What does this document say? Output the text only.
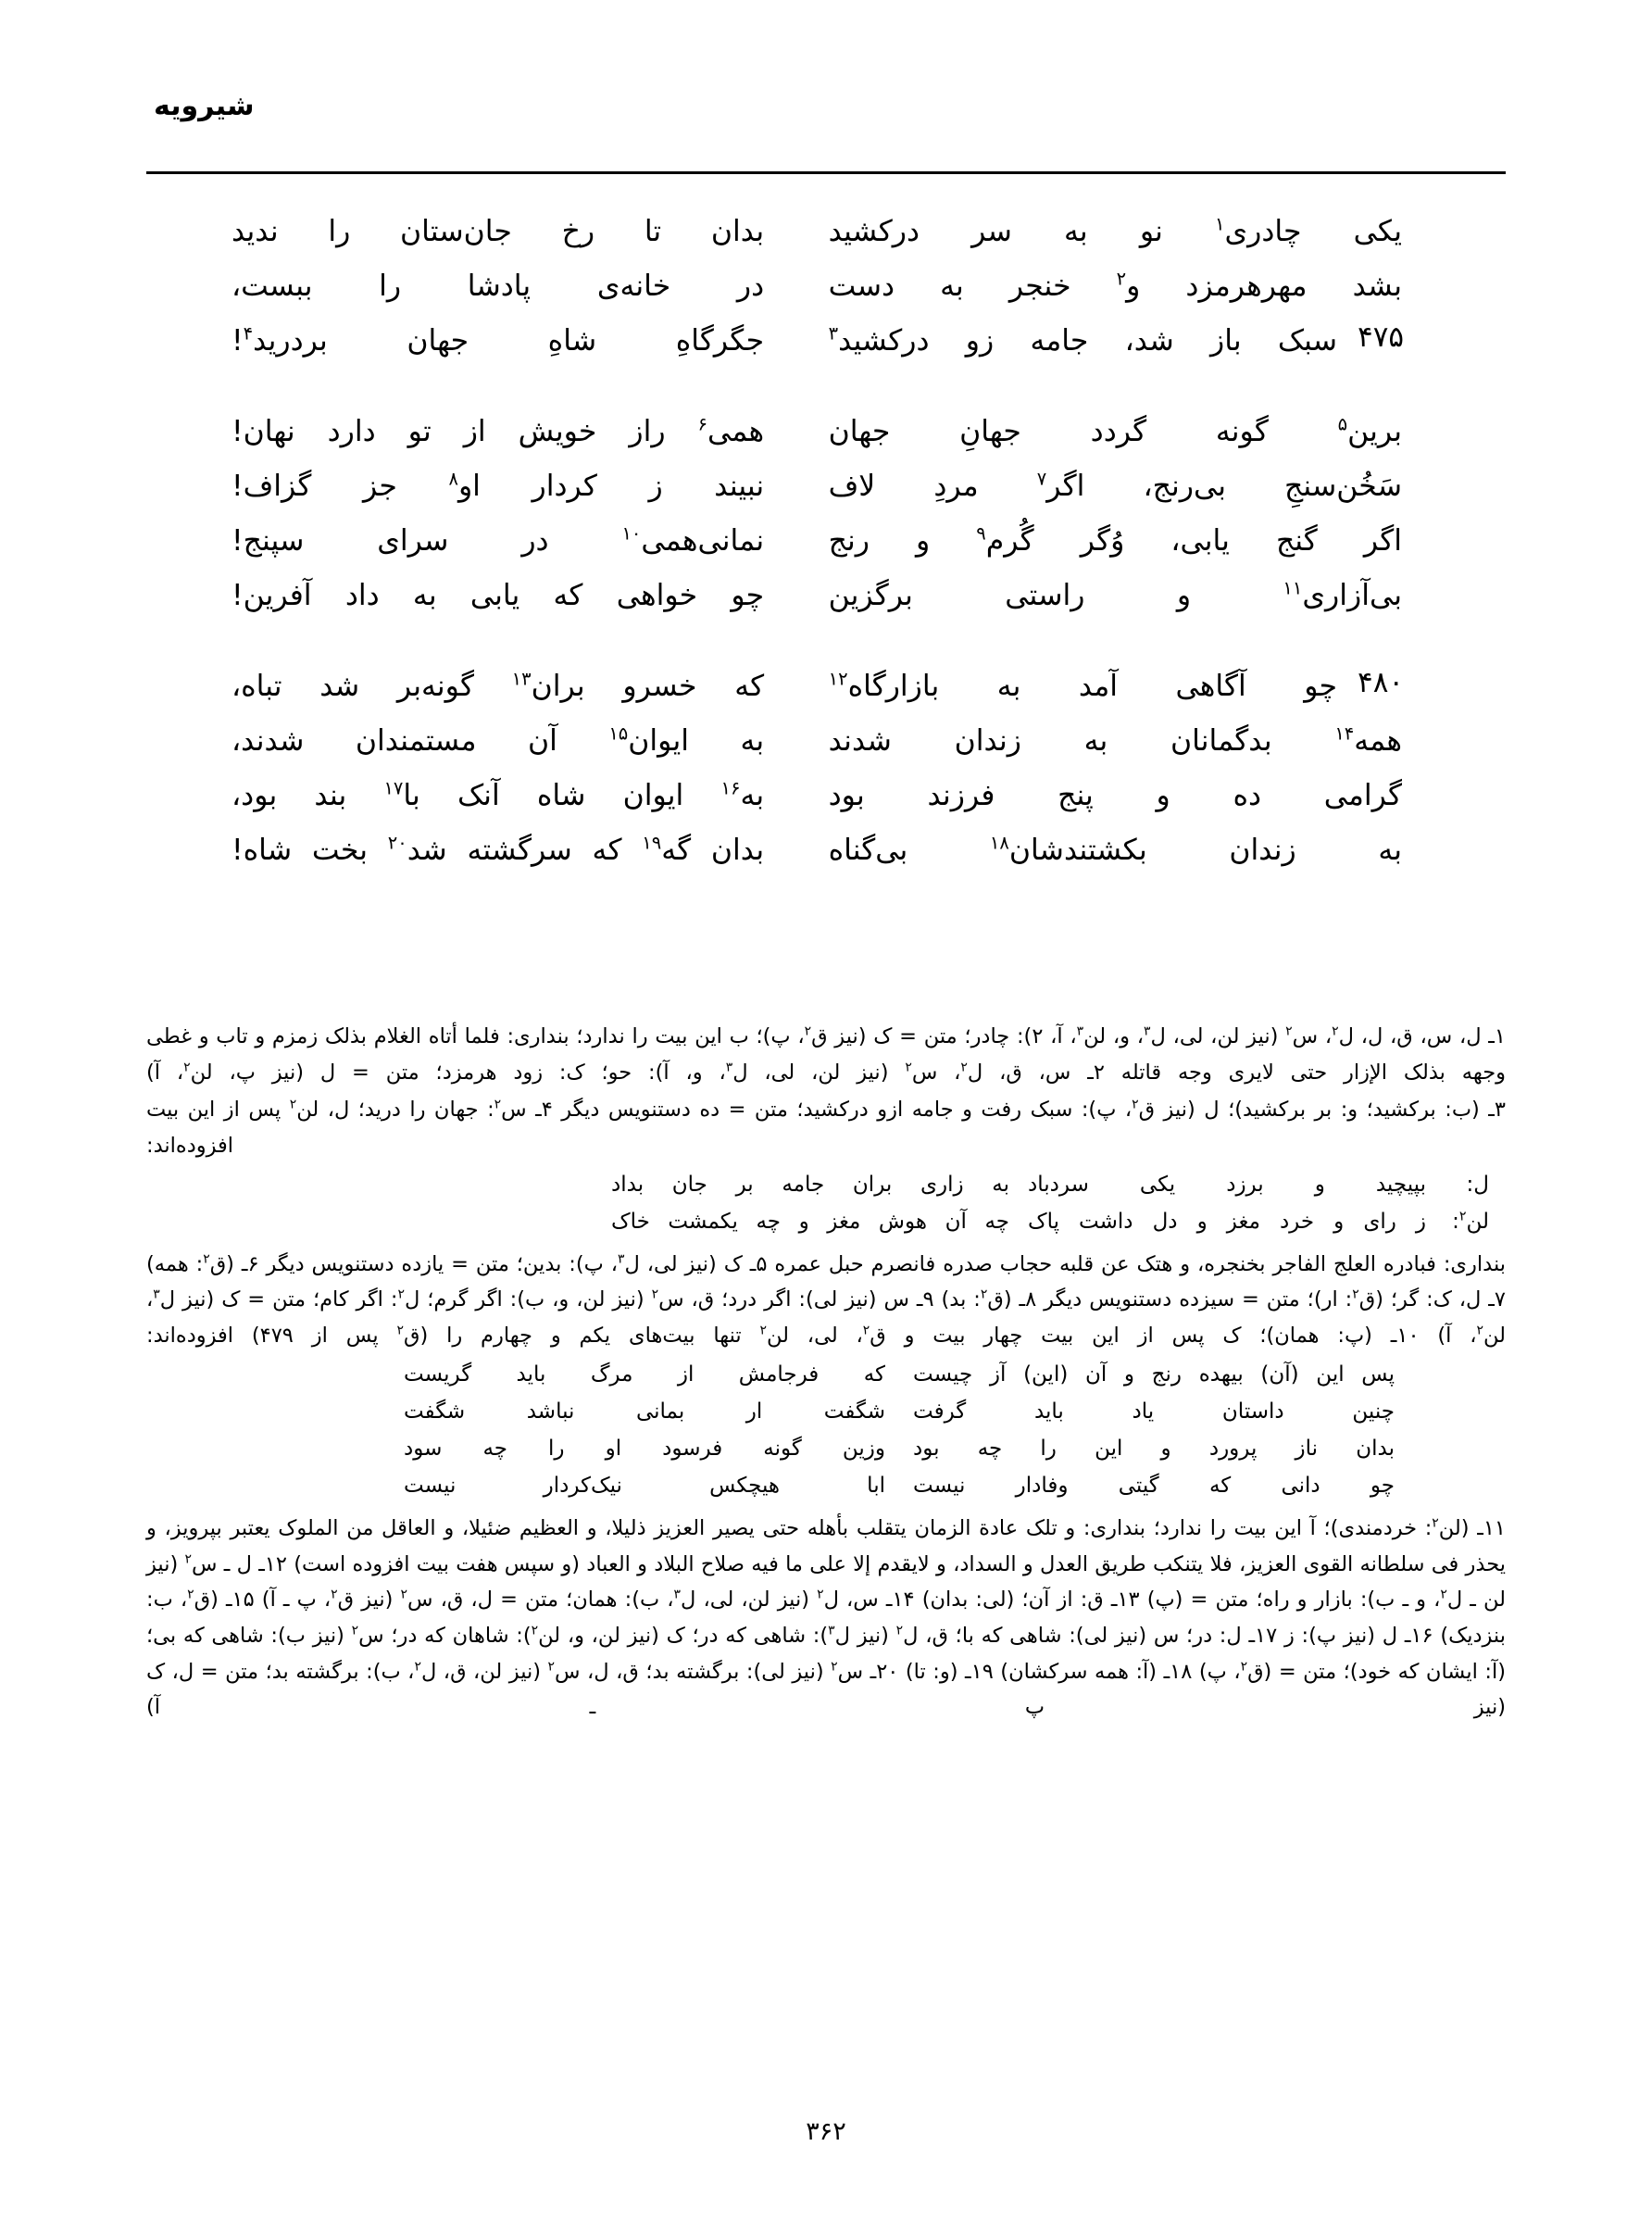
شیرویه
یکی چادری$^۱$ نو به سر درکشید
بدان تا رخ جان‌ستان را ندید
بشد مهرهرمزد و$^۲$ خنجر به دست
در خانه‌ی پادشا را ببست،
۴۷۵
سبک باز شد، جامه زو درکشید$^۳$
جگرگاهِ شاهِ جهان بردرید$^۴$!
برین$^۵$ گونه گردد جهانِ جهان
همی$^۶$ راز خویش از تو دارد نهان!
سَخُن‌سنجِ بی‌رنج، اگر$^۷$ مردِ لاف
نبیند ز کردار او$^۸$ جز گزاف!
اگر گنج یابی، وُگر گُرم$^۹$ و رنج
نمانی‌همی$^{۱۰}$ در سرای سپنج!
بی‌آزاری$^{۱۱}$ و راستی برگزین
چو خواهی که یابی به داد آفرین!
۴۸۰
چو آگاهی آمد به بازارگاه$^{۱۲}$
که خسرو بران$^{۱۳}$ گونه‌بر شد تباه،
همه$^{۱۴}$ بدگمانان به زندان شدند
به ایوان$^{۱۵}$ آن مستمندان شدند،
گرامی ده و پنج فرزند بود
به$^{۱۶}$ ایوان شاه آنک با$^{۱۷}$ بند بود،
به زندان بکشتندشان$^{۱۸}$ بی‌گناه
بدان گه$^{۱۹}$ که سرگشته شد$^{۲۰}$ بخت شاه!

۱ـ ل، س، ق، ل، ل$^۲$، س$^۲$ (نیز لن، لی، ل$^۳$، و، لن$^۳$، آ، ۲): چادر؛ متن = ک (نیز ق$^۲$، پ)؛ ب این بیت را ندارد؛ بنداری: فلما أتاه الغلام بذلک زمزم و تاب و غطی وجهه بذلک الإزار حتی لایری وجه قاتله ۲ـ س، ق، ل$^۲$، س$^۲$ (نیز لن، لی، ل$^۳$، و، آ): حو؛ ک: زود هرمزد؛ متن = ل (نیز پ، لن$^۲$، آ)

۳ـ (ب: برکشید؛ و: بر برکشید)؛ ل (نیز ق$^۲$، پ): سبک رفت و جامه ازو درکشید؛ متن = ده دستنویس دیگر ۴ـ س$^۲$: جهان را درید؛ ل، لن$^۲$ پس از این بیت افزوده‌اند:

ل:
بپیچید و برزد یکی سردباد
به زاری بران جامه بر جان بداد
لن$^۲$:
ز رای و خرد مغز و دل داشت پاک
چه آن هوش مغز و چه یکمشت خاک

بنداری: فبادره العلج الفاجر بخنجره، و هتک عن قلبه حجاب صدره فانصرم حبل عمره ۵ـ ک (نیز لی، ل$^۳$، پ): بدین؛ متن = یازده دستنویس دیگر ۶ـ (ق$^۲$: همه) ۷ـ ل، ک: گر؛ (ق$^۲$: ار)؛ متن = سیزده دستنویس دیگر ۸ـ (ق$^۲$: بد) ۹ـ س (نیز لی): اگر درد؛ ق، س$^۲$ (نیز لن، و، ب): اگر گرم؛ ل$^۲$: اگر کام؛ متن = ک (نیز ل$^۳$، لن$^۲$، آ) ۱۰ـ (پ: همان)؛ ک پس از این بیت چهار بیت و ق$^۲$، لی، لن$^۲$ تنها بیت‌های یکم و چهارم را (ق$^۲$ پس از ۴۷۹) افزوده‌اند:

پس این (آن) بیهده رنج و آن (این) آز چیست
که فرجامش از مرگ باید گریست
چنین داستان یاد باید گرفت
شگفت ار بمانی نباشد شگفت
بدان ناز پرورد و این را چه بود
وزین گونه فرسود او را چه سود
چو دانی که گیتی وفادار نیست
ابا هیچکس نیک‌کردار نیست

۱۱ـ (لن$^۲$: خردمندی)؛ آ این بیت را ندارد؛ بنداری: و تلک عادة الزمان یتقلب بأهله حتی یصیر العزیز ذلیلا، و العظیم ضئیلا، و العاقل من الملوک یعتبر بپرویز، و یحذر فی سلطانه القوی العزیز، فلا یتنکب طریق العدل و السداد، و لایقدم إلا علی ما فیه صلاح البلاد و العباد (و سپس هفت بیت افزوده است) ۱۲ـ ل ـ س$^۲$ (نیز لن ـ ل$^۲$، و ـ ب): بازار و راه؛ متن = (پ) ۱۳ـ ق: از آن؛ (لی: بدان) ۱۴ـ س، ل$^۲$ (نیز لن، لی، ل$^۳$، ب): همان؛ متن = ل، ق، س$^۲$ (نیز ق$^۲$، پ ـ آ) ۱۵ـ (ق$^۲$، ب: بنزدیک) ۱۶ـ ل (نیز پ): ز ۱۷ـ ل: در؛ س (نیز لی): شاهی که با؛ ق، ل$^۲$ (نیز ل$^۳$): شاهی که در؛ ک (نیز لن، و، لن$^۲$): شاهان که در؛ س$^۲$ (نیز ب): شاهی که بی؛ (آ: ایشان که خود)؛ متن = (ق$^۲$، پ) ۱۸ـ (آ: همه سرکشان) ۱۹ـ (و: تا) ۲۰ـ س$^۲$ (نیز لی): برگشته بد؛ ق، ل، س$^۲$ (نیز لن، ق، ل$^۲$، ب): برگشته بد؛ متن = ل، ک (نیز پ ـ آ)

۳۶۲
